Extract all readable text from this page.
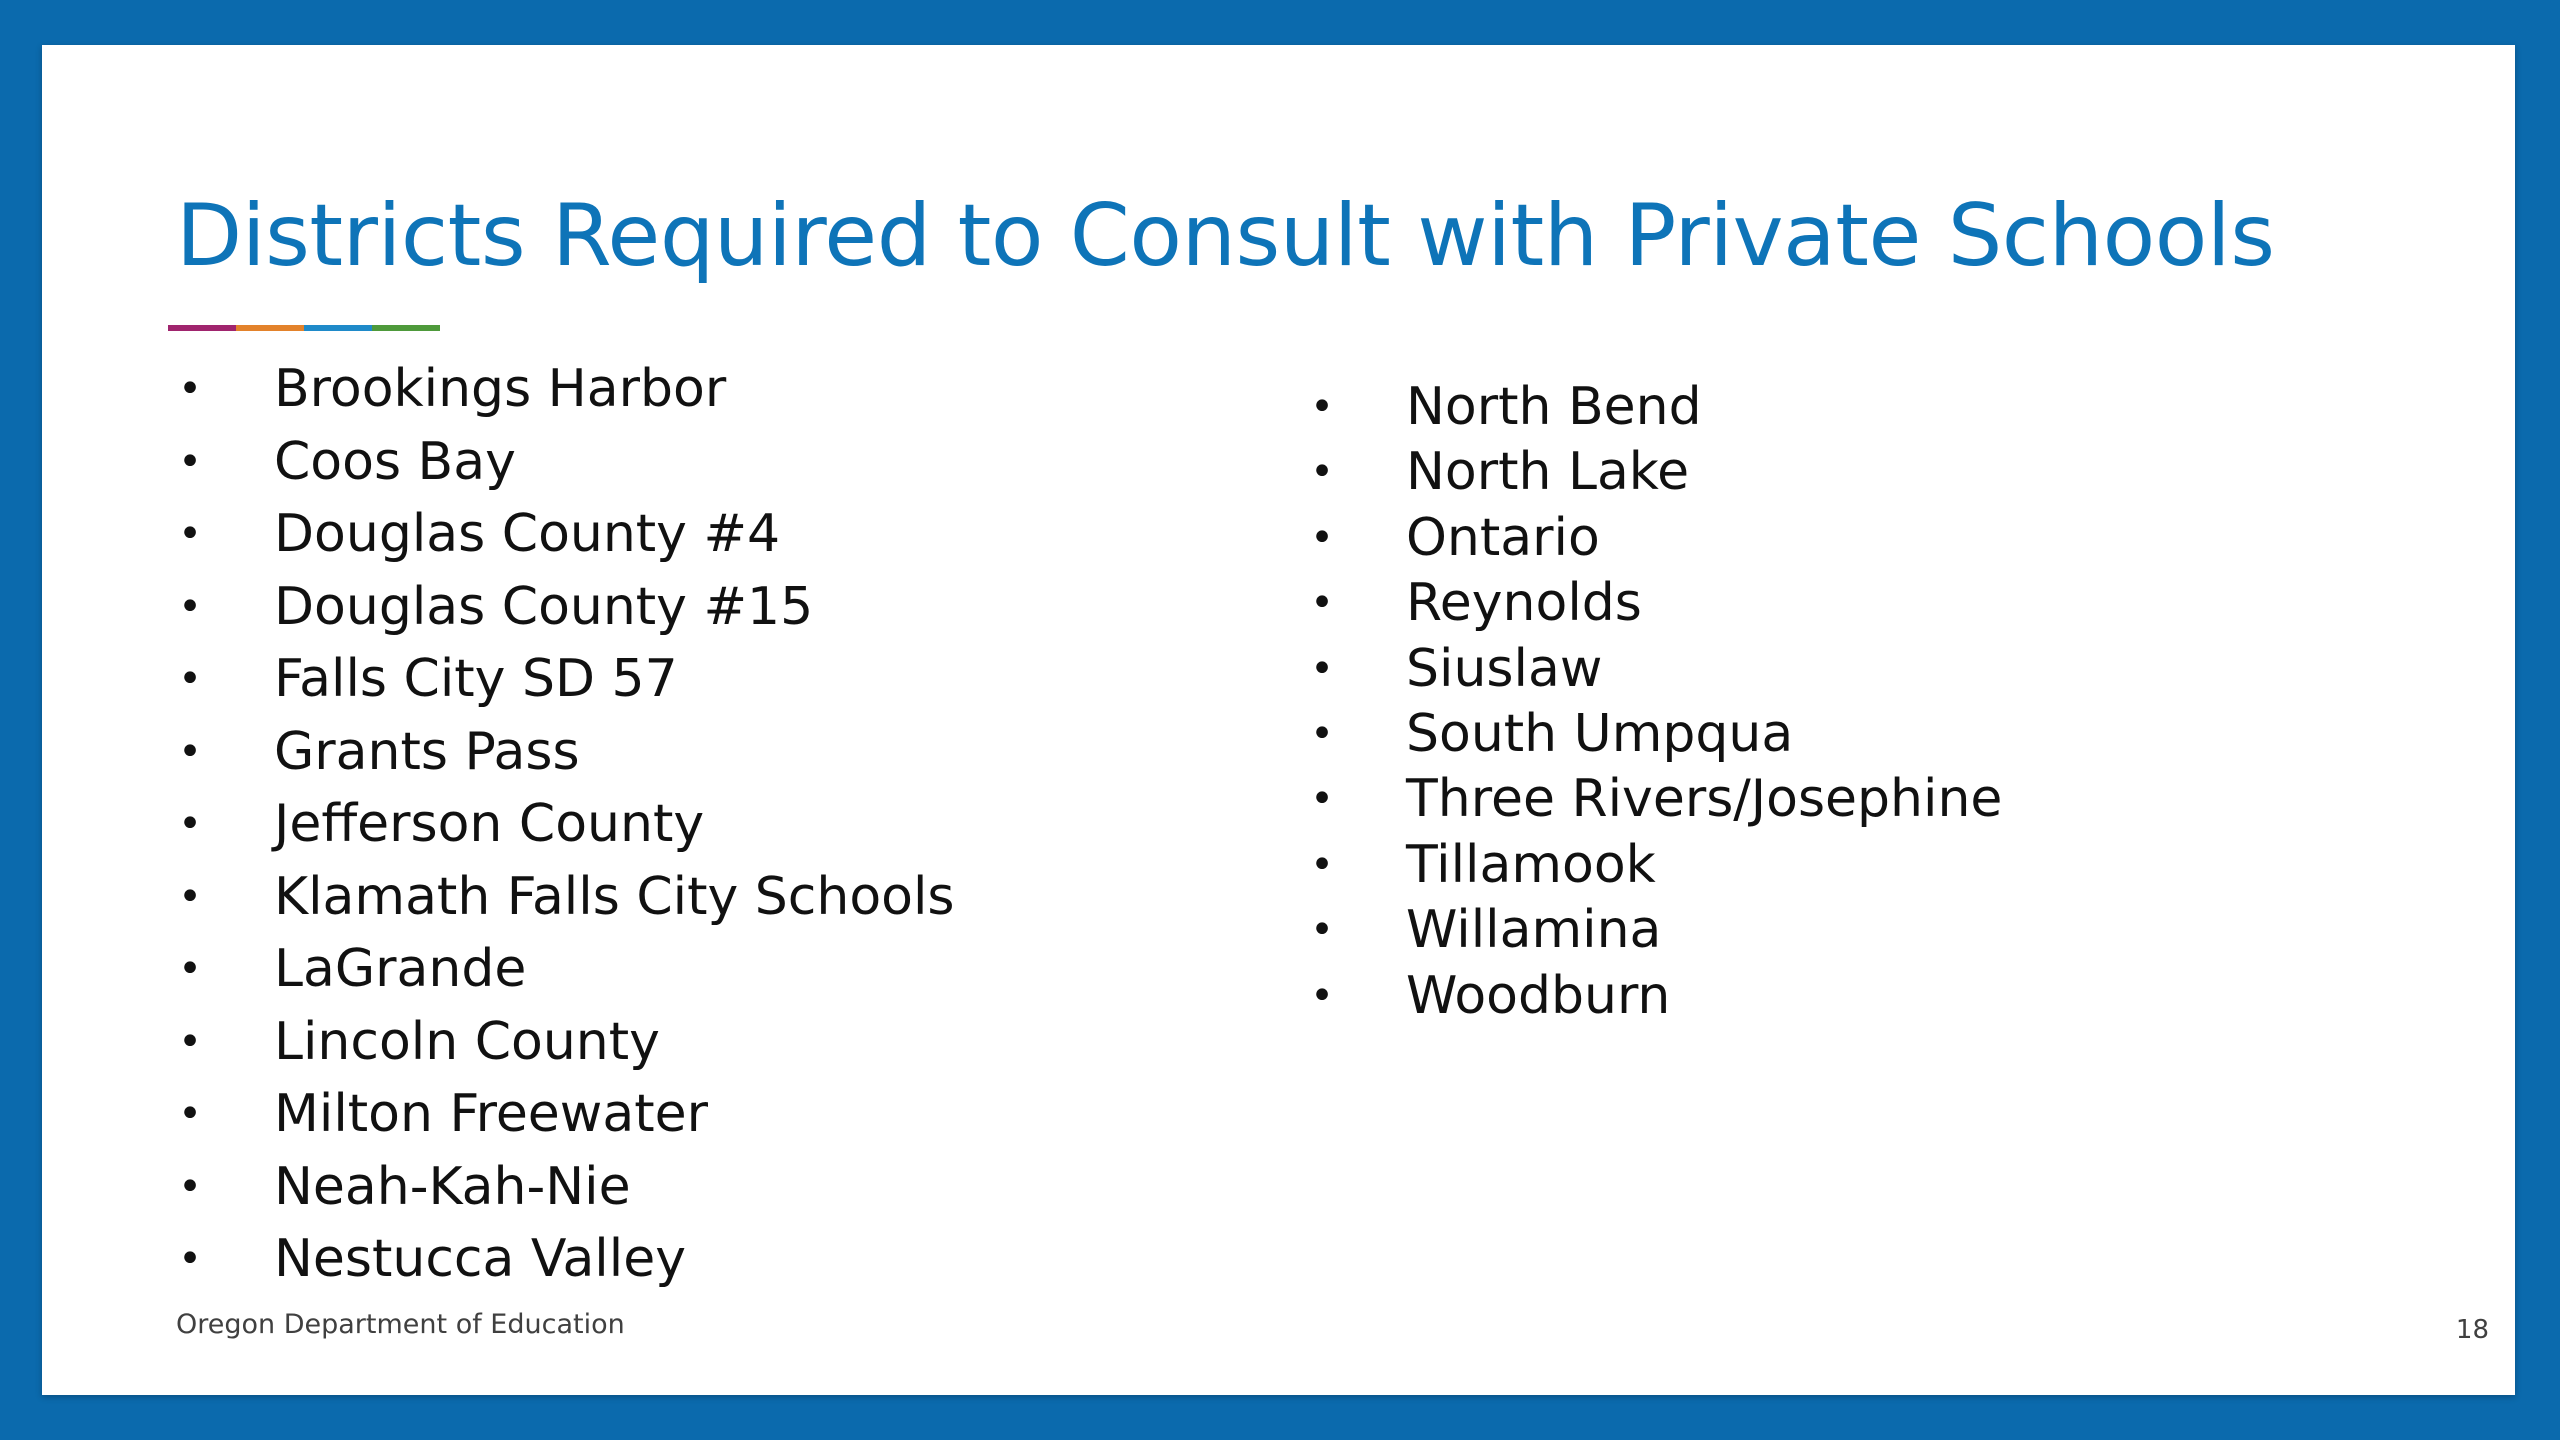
Districts Required to Consult with Private Schools
• Brookings Harbor
• Coos Bay
• Douglas County #4
• Douglas County #15
• Falls City SD 57
• Grants Pass
• Jefferson County
• Klamath Falls City Schools
• LaGrande
• Lincoln County
• Milton Freewater
• Neah-Kah-Nie
• Nestucca Valley
• North Bend
• North Lake
• Ontario
• Reynolds
• Siuslaw
• South Umpqua
• Three Rivers/Josephine
• Tillamook
• Willamina
• Woodburn
Oregon Department of Education	18
